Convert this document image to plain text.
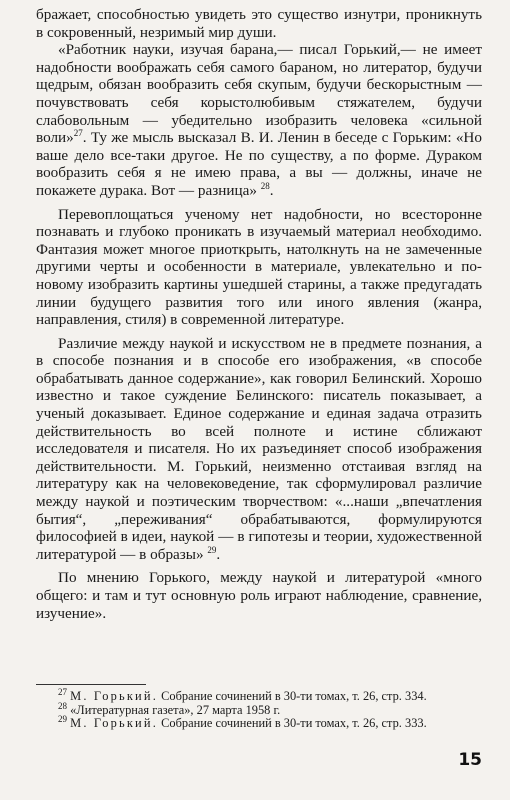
бражает, способностью увидеть это существо изнутри, проникнуть в сокровенный, незримый мир души.

«Работник науки, изучая барана,— писал Горький,— не имеет надобности воображать себя самого бараном, но литератор, будучи щедрым, обязан вообразить себя скупым, будучи бескорыстным — почувствовать себя корыстолюбивым стяжателем, будучи слабовольным — убедительно изобразить человека «сильной воли»$^{27}$. Ту же мысль высказал В. И. Ленин в беседе с Горьким: «Но ваше дело все-таки другое. Не по существу, а по форме. Дураком вообразить себя я не имею права, а вы — должны, иначе не покажете дурака. Вот — разница» $^{28}$.

Перевоплощаться ученому нет надобности, но всесторонне познавать и глубоко проникать в изучаемый материал необходимо. Фантазия может многое приоткрыть, натолкнуть на не замеченные другими черты и особенности в материале, увлекательно и по-новому изобразить картины ушедшей старины, а также предугадать линии будущего развития того или иного явления (жанра, направления, стиля) в современной литературе.

Различие между наукой и искусством не в предмете познания, а в способе познания и в способе его изображения, «в способе обрабатывать данное содержание», как говорил Белинский. Хорошо известно и такое суждение Белинского: писатель показывает, а ученый доказывает. Единое содержание и единая задача отразить действительность во всей полноте и истине сближают исследователя и писателя. Но их разъединяет способ изображения действительности. М. Горький, неизменно отстаивая взгляд на литературу как на человековедение, так сформулировал различие между наукой и поэтическим творчеством: «...наши „впечатления бытия“, „переживания“ обрабатываются, формулируются философией в идеи, наукой — в гипотезы и теории, художественной литературой — в образы» $^{29}$.

По мнению Горького, между наукой и литературой «много общего: и там и тут основную роль играют наблюдение, сравнение, изучение».

$^{27}$ М. Горький. Собрание сочинений в 30-ти томах, т. 26, стр. 334.

$^{28}$ «Литературная газета», 27 марта 1958 г.

$^{29}$ М. Горький. Собрание сочинений в 30-ти томах, т. 26, стр. 333.

15
